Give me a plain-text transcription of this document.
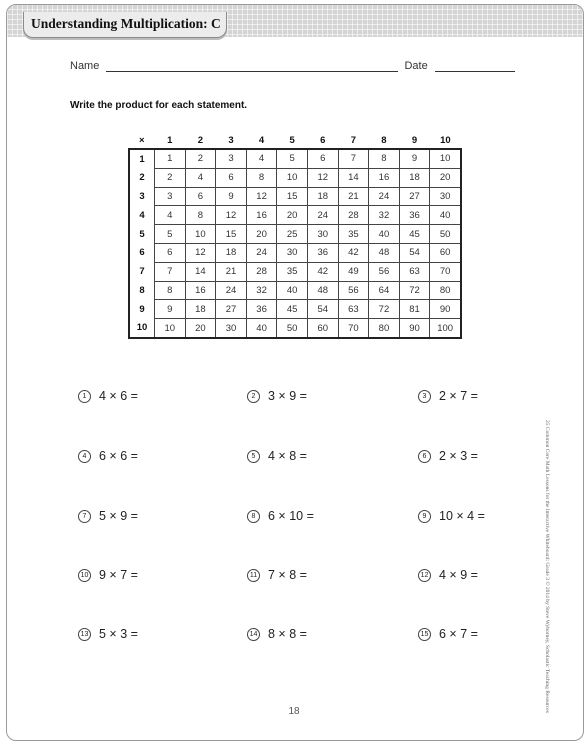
Understanding Multiplication: C
Name	Date
Write the product for each statement.
×	1	2	3	4	5	6	7	8	9	10
1	1	2	3	4	5	6	7	8	9	10
2	2	4	6	8	10	12	14	16	18	20
3	3	6	9	12	15	18	21	24	27	30
4	4	8	12	16	20	24	28	32	36	40
5	5	10	15	20	25	30	35	40	45	50
6	6	12	18	24	30	36	42	48	54	60
7	7	14	21	28	35	42	49	56	63	70
8	8	16	24	32	40	48	56	64	72	80
9	9	18	27	36	45	54	63	72	81	90
10	10	20	30	40	50	60	70	80	90	100
1	4 × 6 =	2	3 × 9 =	3	2 × 7 =
4	6 × 6 =	5	4 × 8 =	6	2 × 3 =
7	5 × 9 =	8	6 × 10 =	9	10 × 4 =
10 9 × 7 =	11 7 × 8 =	12 4 × 9 =
13 5 × 3 =	14 8 × 8 =	15 6 × 7 =	25 Common Core Math Lessons for the Interactive Whiteboard: Grade 3 © 2014 by Steve Wyborney, Scholastic Teaching Resources
18
